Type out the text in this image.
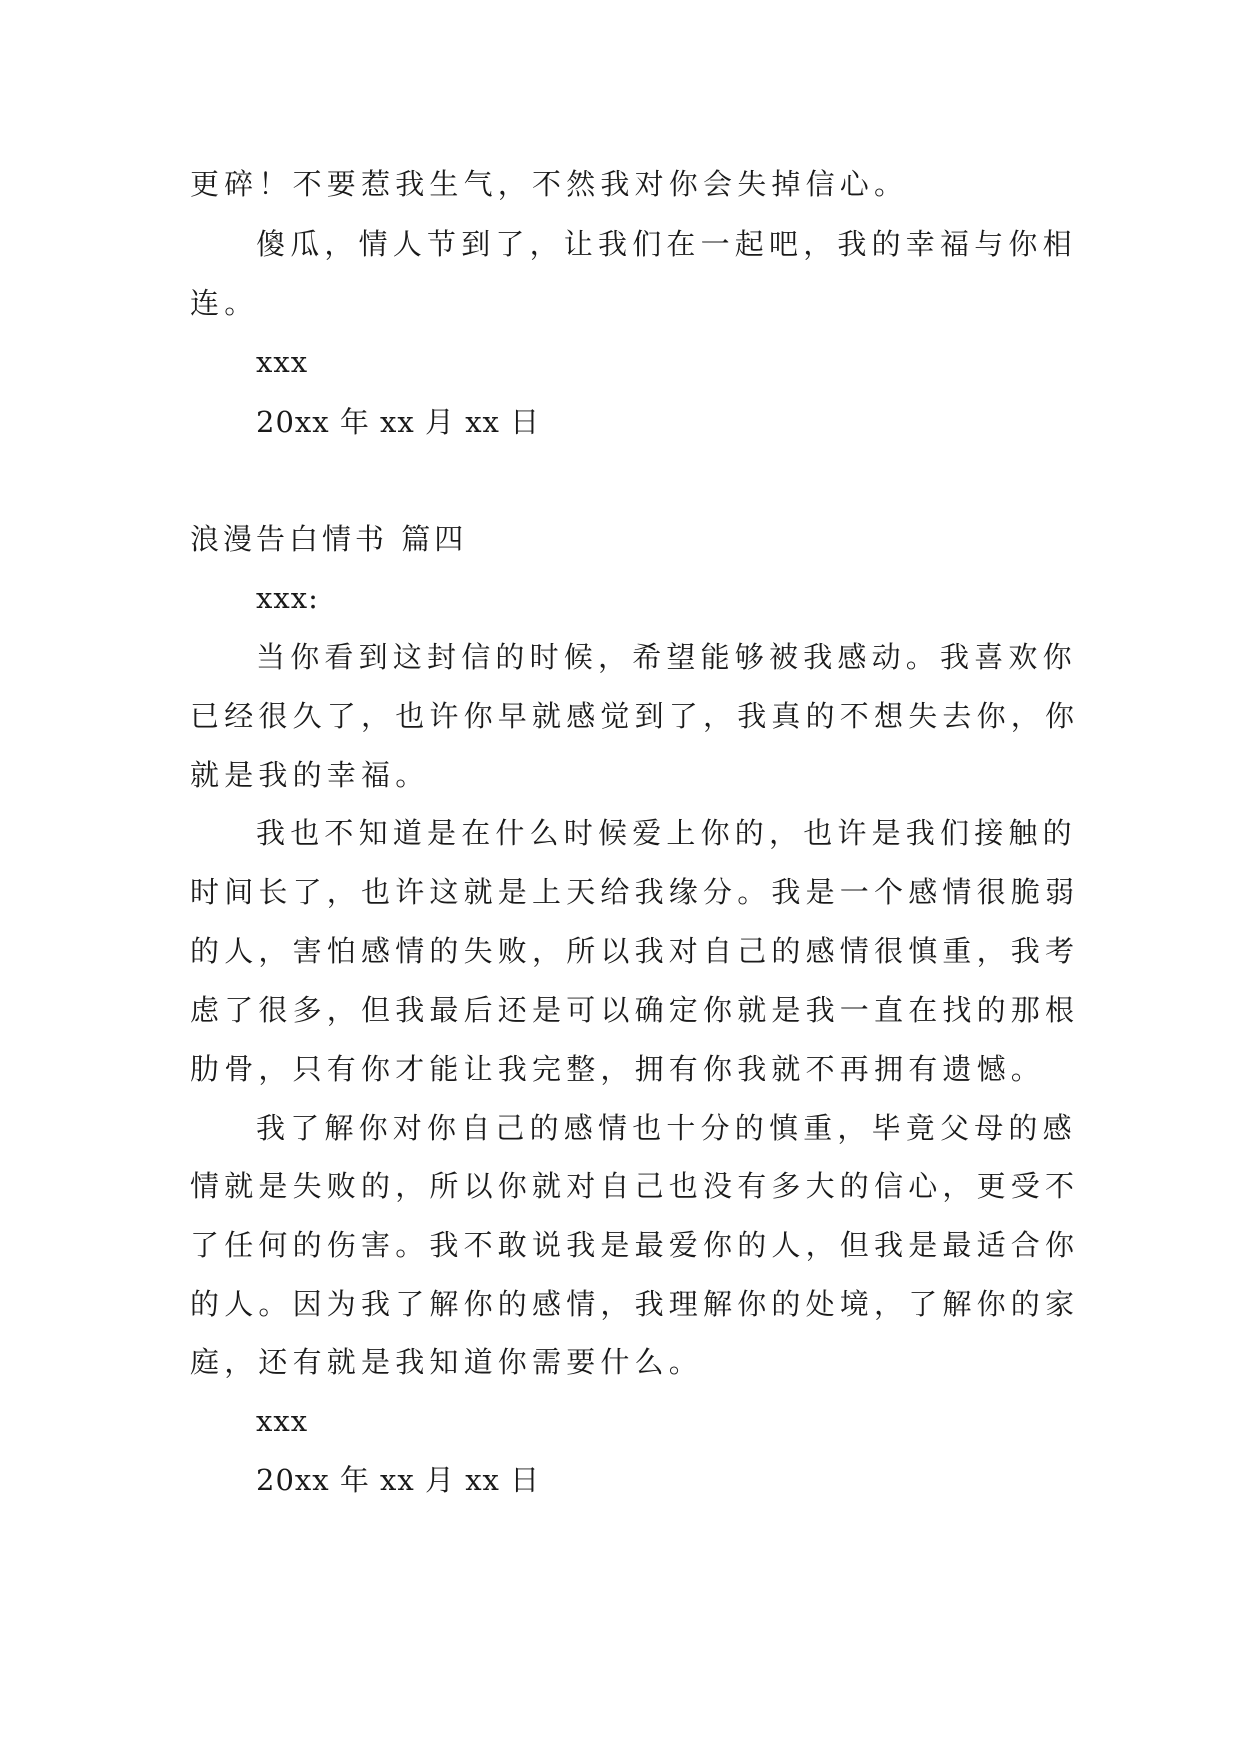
更碎！不要惹我生气，不然我对你会失掉信心。
傻瓜，情人节到了，让我们在一起吧，我的幸福与你相
连。
xxx
20xx 年 xx 月 xx 日
浪漫告白情书 篇四
xxx:
当你看到这封信的时候，希望能够被我感动。我喜欢你
已经很久了，也许你早就感觉到了，我真的不想失去你，你
就是我的幸福。
我也不知道是在什么时候爱上你的，也许是我们接触的
时间长了，也许这就是上天给我缘分。我是一个感情很脆弱
的人，害怕感情的失败，所以我对自己的感情很慎重，我考
虑了很多，但我最后还是可以确定你就是我一直在找的那根
肋骨，只有你才能让我完整，拥有你我就不再拥有遗憾。
我了解你对你自己的感情也十分的慎重，毕竟父母的感
情就是失败的，所以你就对自己也没有多大的信心，更受不
了任何的伤害。我不敢说我是最爱你的人，但我是最适合你
的人。因为我了解你的感情，我理解你的处境，了解你的家
庭，还有就是我知道你需要什么。
xxx
20xx 年 xx 月 xx 日
